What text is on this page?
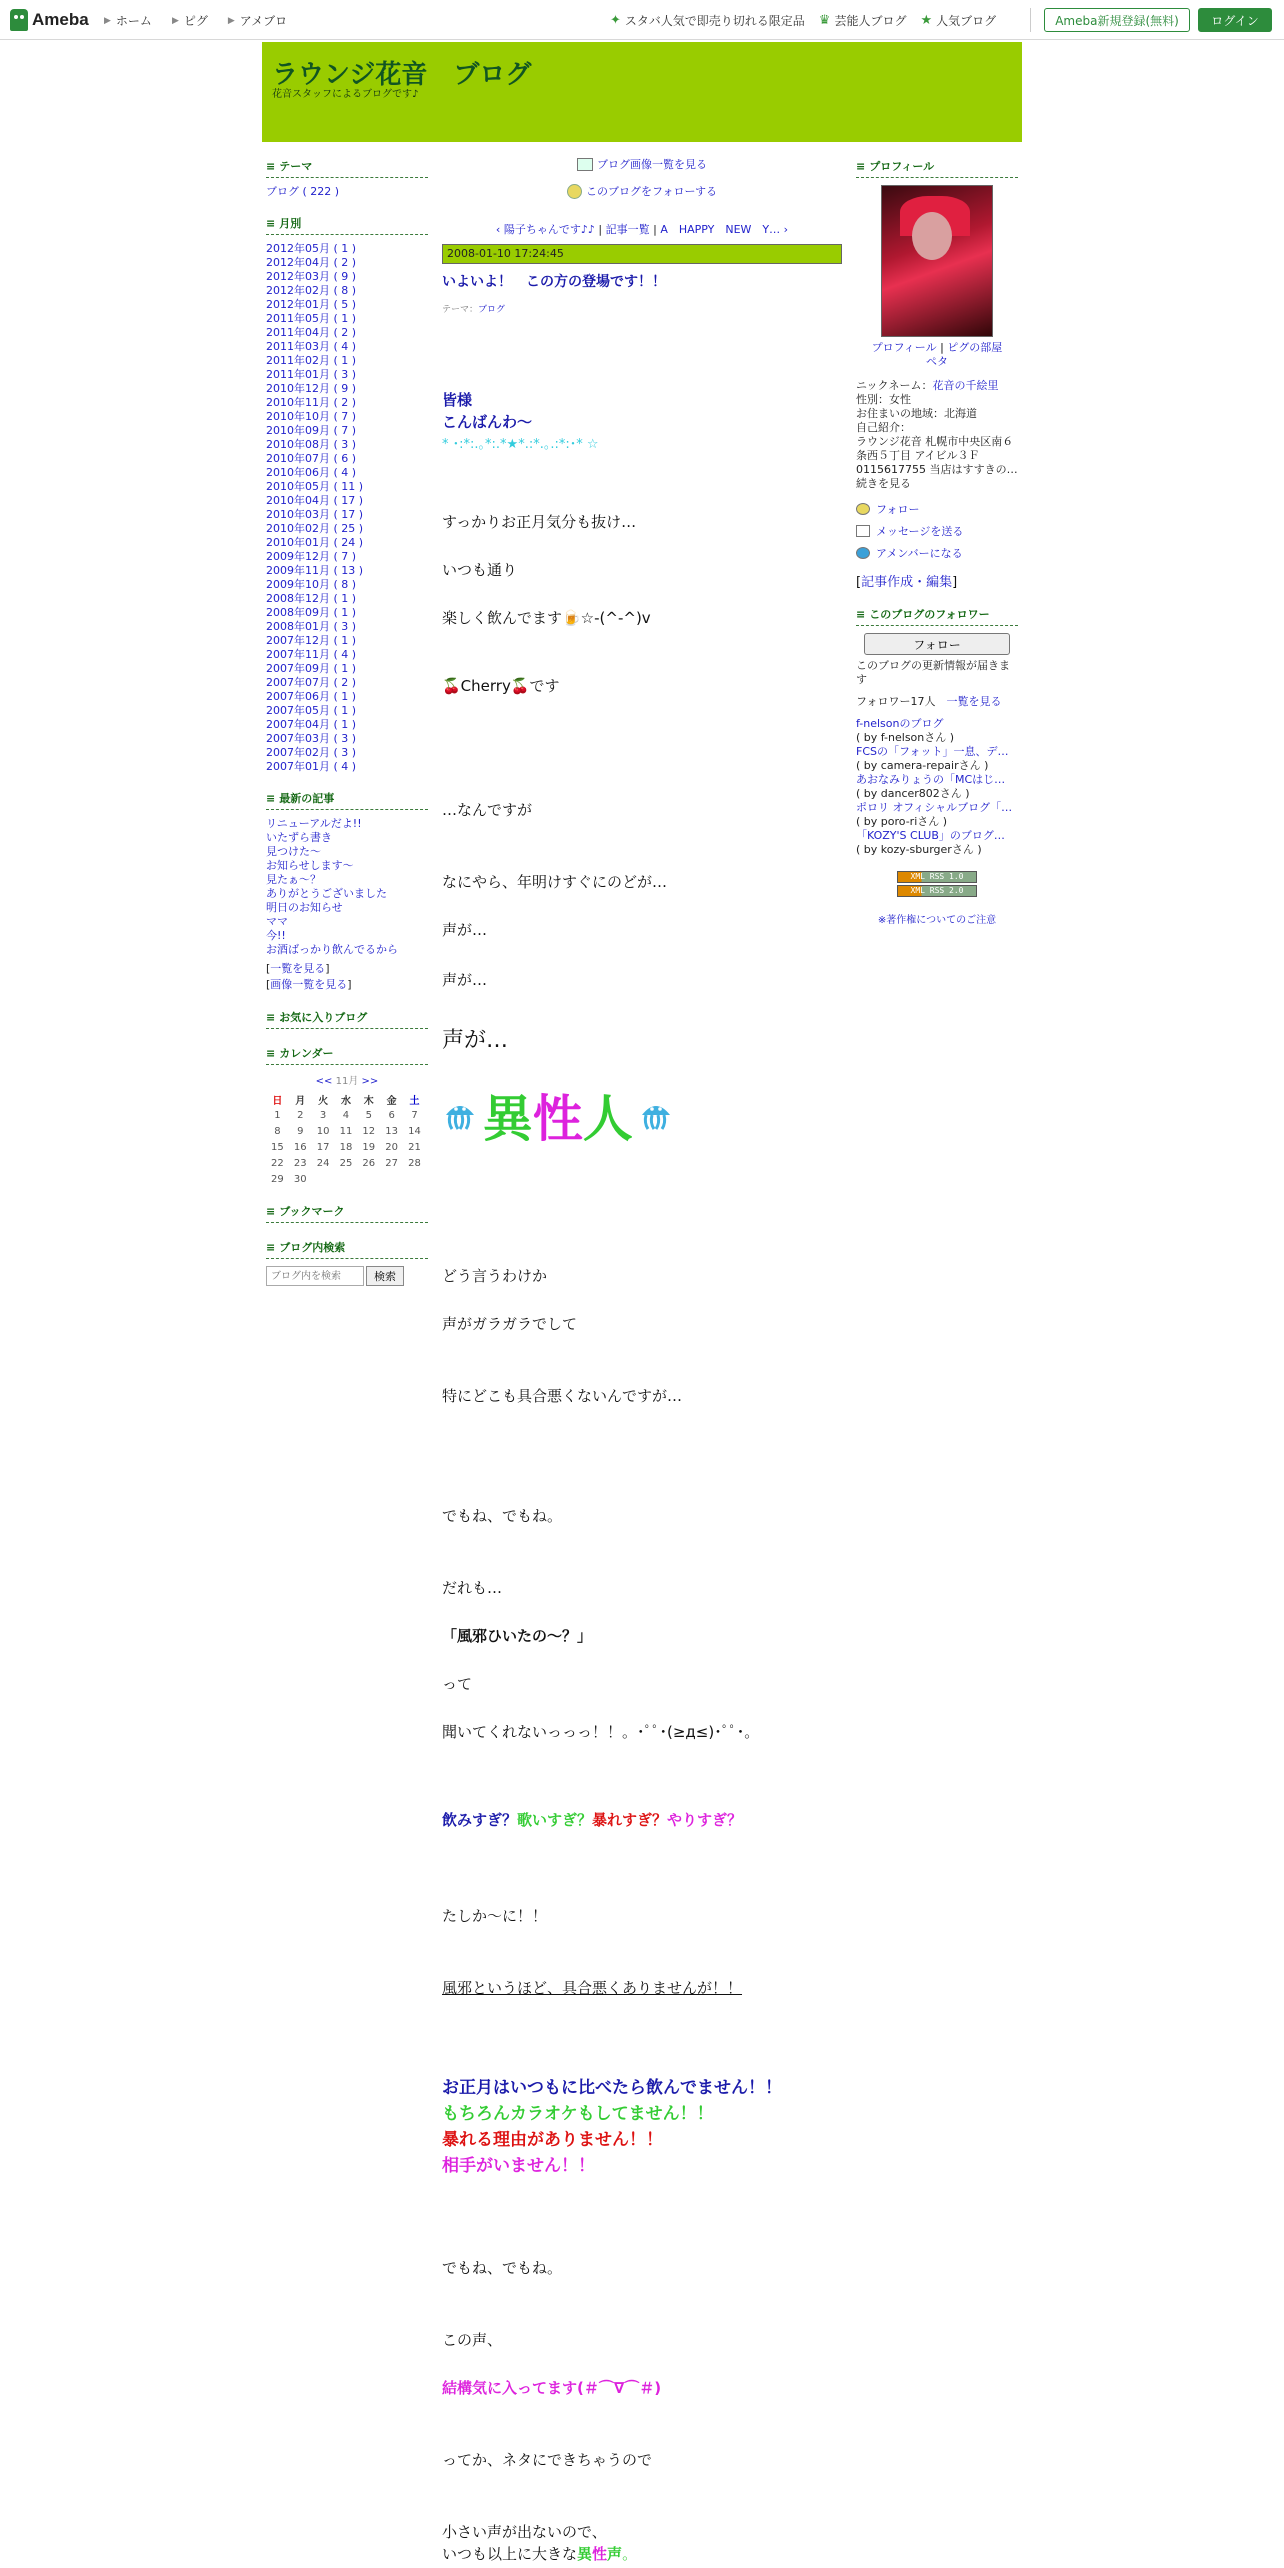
Ameba ▶ ホーム ▶ ピグ ▶ アメブロ	✦ スタバ人気で即売り切れる限定品 ♛ 芸能人ブログ ★ 人気ブログ	Ameba新規登録(無料)	ログイン
ラウンジ花音　ブログ
花音スタッフによるブログです♪
≡ テーマ
ブログ ( 222 )
≡ 月別
2012年05月 ( 1 )
2012年04月 ( 2 )
2012年03月 ( 9 )
2012年02月 ( 8 )
2012年01月 ( 5 )
2011年05月 ( 1 )
2011年04月 ( 2 )
2011年03月 ( 4 )
2011年02月 ( 1 )
2011年01月 ( 3 )
2010年12月 ( 9 )
2010年11月 ( 2 )
2010年10月 ( 7 )
2010年09月 ( 7 )
2010年08月 ( 3 )
2010年07月 ( 6 )
2010年06月 ( 4 )
2010年05月 ( 11 )
2010年04月 ( 17 )
2010年03月 ( 17 )
2010年02月 ( 25 )
2010年01月 ( 24 )
2009年12月 ( 7 )
2009年11月 ( 13 )
2009年10月 ( 8 )
2008年12月 ( 1 )
2008年09月 ( 1 )
2008年01月 ( 3 )
2007年12月 ( 1 )
2007年11月 ( 4 )
2007年09月 ( 1 )
2007年07月 ( 2 )
2007年06月 ( 1 )
2007年05月 ( 1 )
2007年04月 ( 1 )
2007年03月 ( 3 )
2007年02月 ( 3 )
2007年01月 ( 4 )
≡ 最新の記事
リニューアルだよ!!
いたずら書き
見つけた～
お知らせします～
見たぁ～？
ありがとうございました
明日のお知らせ
ママ
今!!
お酒ばっかり飲んでるから
[一覧を見る]
[画像一覧を見る]
≡ お気に入りブログ
≡ カレンダー
<< 11月 >>
日	月	火	水	木	金	土
1	2	3	4	5	6	7
8	9	10	11	12	13	14
15	16	17	18	19	20	21
22	23	24	25	26	27	28
29	30					
≡ ブックマーク
≡ ブログ内検索
ブログ内を検索
検索
ブログ画像一覧を見る
このブログをフォローする
‹ 陽子ちゃんです♪♪ | 記事一覧 | A　HAPPY　NEW　Y… ›
2008-01-10 17:24:45
いよいよ！　この方の登場です！！
テーマ：ブログ
皆様
こんばんわ～
* ･:*:.｡*:.*★*.:*.｡.:*:･* ☆
すっかりお正月気分も抜け…
いつも通り
楽しく飲んでます🍺☆-(^-^)v
🍒Cherry🍒です
…なんですが
なにやら、年明けすぐにのどが…
声が…
声が…
声が…
異性人
どう言うわけか
声がガラガラでして
特にどこも具合悪くないんですが…
でもね、でもね。
だれも…
「風邪ひいたの～？」
って
聞いてくれないっっっ！！。･ﾟﾟ･(≥д≤)･ﾟﾟ･。
飲みすぎ？歌いすぎ？暴れすぎ？やりすぎ？
たしか～に！！
風邪というほど、具合悪くありませんが！！
お正月はいつもに比べたら飲んでません！！
もちろんカラオケもしてません！！
暴れる理由がありません！！
相手がいません！！
でもね、でもね。
この声、
結構気に入ってます(＃⌒∇⌒＃)
ってか、ネタにできちゃうので
小さい声が出ないので、
いつも以上に大きな異性声。
≡ プロフィール
プロフィール | ピグの部屋
ペタ
ニックネーム：花音の千絵里
性別：女性
お住まいの地域：北海道
自己紹介：
ラウンジ花音 札幌市中央区南６
条西５丁目 アイビル３Ｆ
0115617755 当店はすすきの…
続きを見る
フォロー
メッセージを送る
アメンバーになる
[記事作成・編集]
≡ このブログのフォロワー
フォロー
このブログの更新情報が届きます
フォロワー17人　 一覧を見る
f-nelsonのブログ
( by f-nelsonさん )
FCSの「フォット」一息、デ…
( by camera-repairさん )
あおなみりょうの「MCはじ…
( by dancer802さん )
ポロリ オフィシャルブログ「…
( by poro-riさん )
「KOZY'S CLUB」のブログ…
( by kozy-sburgerさん )
XML RSS 1.0
XML RSS 2.0
※著作権についてのご注意
